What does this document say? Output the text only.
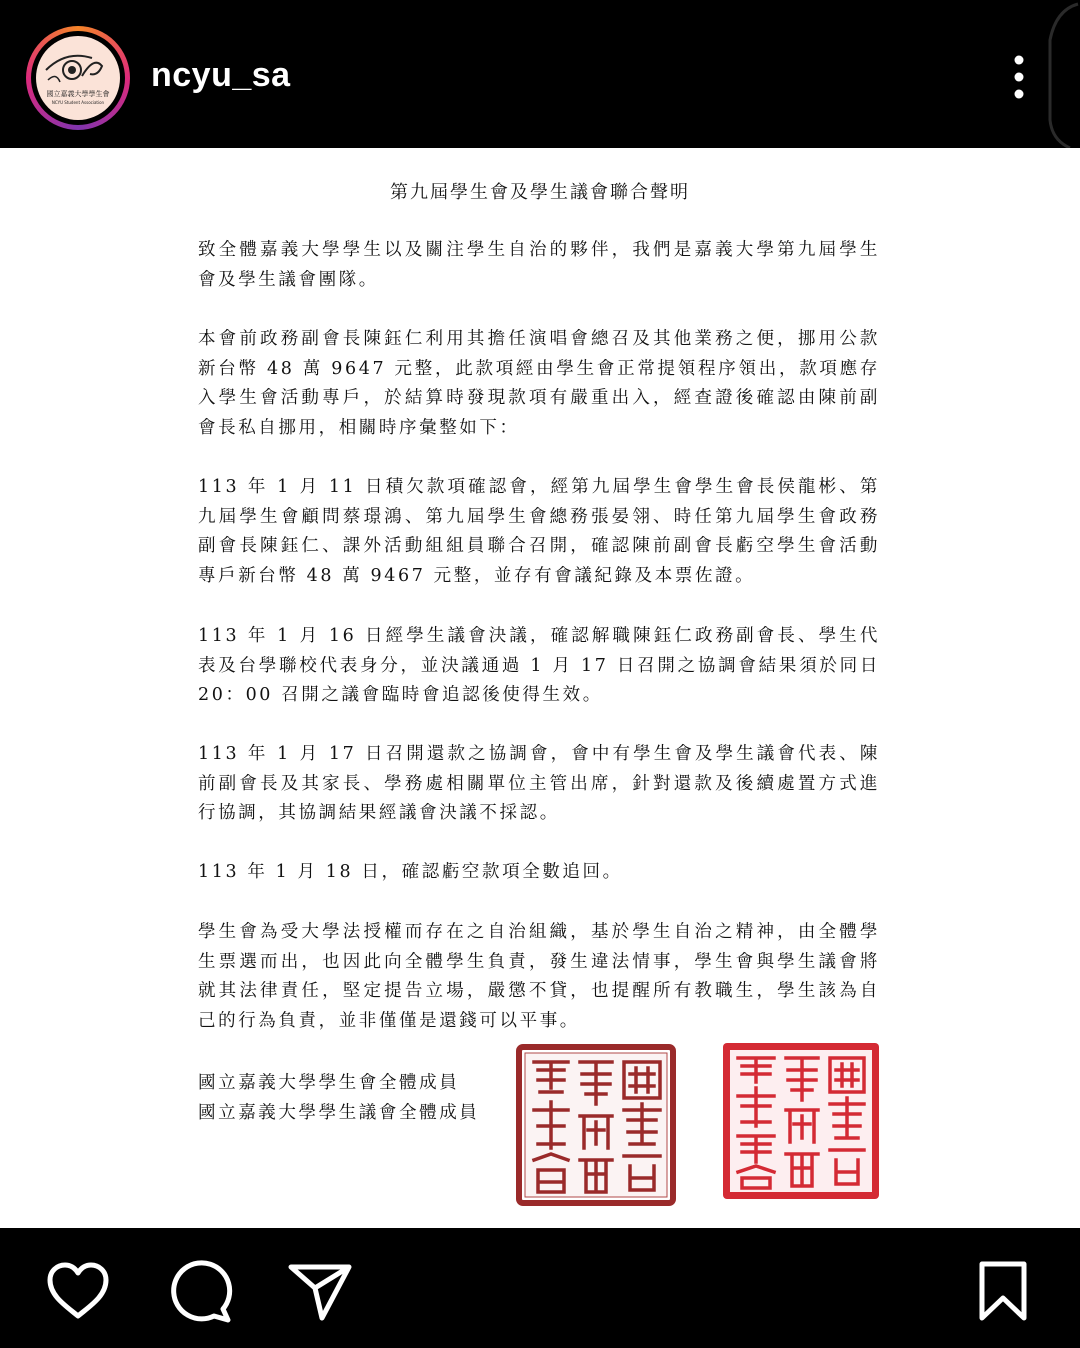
國立嘉義大學學生會
NCYU Student Association
ncyu_sa
第九屆學生會及學生議會聯合聲明

致全體嘉義大學學生以及關注學生自治的夥伴，我們是嘉義大學第九屆學生會及學生議會團隊。

本會前政務副會長陳鈺仁利用其擔任演唱會總召及其他業務之便，挪用公款新台幣 48 萬 9647 元整，此款項經由學生會正常提領程序領出，款項應存入學生會活動專戶，於結算時發現款項有嚴重出入，經查證後確認由陳前副會長私自挪用，相關時序彙整如下：

113 年 1 月 11 日積欠款項確認會，經第九屆學生會學生會長侯龍彬、第九屆學生會顧問蔡璟鴻、第九屆學生會總務張晏翎、時任第九屆學生會政務副會長陳鈺仁、課外活動組組員聯合召開，確認陳前副會長虧空學生會活動專戶新台幣 48 萬 9467 元整，並存有會議紀錄及本票佐證。

113 年 1 月 16 日經學生議會決議，確認解職陳鈺仁政務副會長、學生代表及台學聯校代表身分，並決議通過 1 月 17 日召開之協調會結果須於同日 20：00 召開之議會臨時會追認後使得生效。

113 年 1 月 17 日召開還款之協調會，會中有學生會及學生議會代表、陳前副會長及其家長、學務處相關單位主管出席，針對還款及後續處置方式進行協調，其協調結果經議會決議不採認。

113 年 1 月 18 日，確認虧空款項全數追回。

學生會為受大學法授權而存在之自治組織，基於學生自治之精神，由全體學生票選而出，也因此向全體學生負責，發生違法情事，學生會與學生議會將就其法律責任，堅定提告立場，嚴懲不貸，也提醒所有教職生，學生該為自己的行為負責，並非僅僅是還錢可以平事。

國立嘉義大學學生會全體成員
國立嘉義大學學生議會全體成員
